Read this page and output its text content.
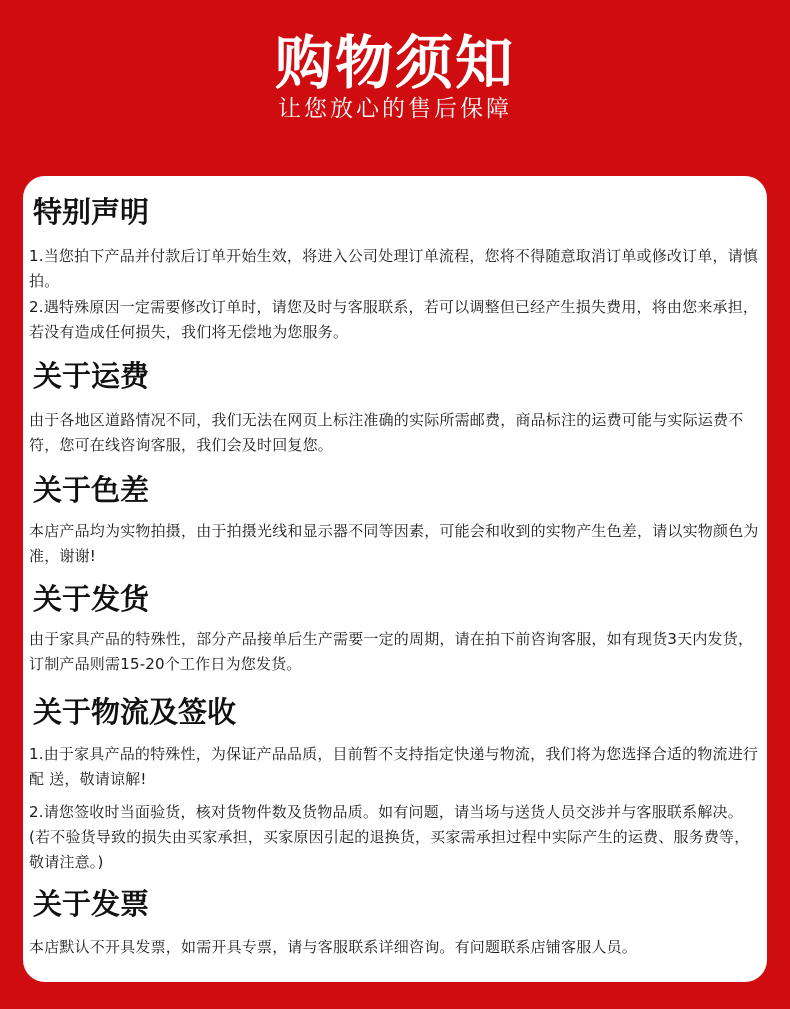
购物须知
让您放心的售后保障
特别声明
1.当您拍下产品并付款后订单开始生效，将进入公司处理订单流程，您将不得随意取消订单或修改订单，请慎拍。
2.遇特殊原因一定需要修改订单时，请您及时与客服联系，若可以调整但已经产生损失费用，将由您来承担，若没有造成任何损失，我们将无偿地为您服务。
关于运费
由于各地区道路情况不同，我们无法在网页上标注准确的实际所需邮费，商品标注的运费可能与实际运费不符，您可在线咨询客服，我们会及时回复您。
关于色差
本店产品均为实物拍摄，由于拍摄光线和显示器不同等因素，可能会和收到的实物产生色差，请以实物颜色为准，谢谢!
关于发货
由于家具产品的特殊性，部分产品接单后生产需要一定的周期，请在拍下前咨询客服，如有现货3天内发货，订制产品则需15-20个工作日为您发货。
关于物流及签收
1.由于家具产品的特殊性，为保证产品品质，目前暂不支持指定快递与物流，我们将为您选择合适的物流进行配 送，敬请谅解!
2.请您签收时当面验货，核对货物件数及货物品质。如有问题，请当场与送货人员交涉并与客服联系解决。(若不验货导致的损失由买家承担，买家原因引起的退换货，买家需承担过程中实际产生的运费、服务费等，敬请注意。)
关于发票
本店默认不开具发票，如需开具专票，请与客服联系详细咨询。有问题联系店铺客服人员。
